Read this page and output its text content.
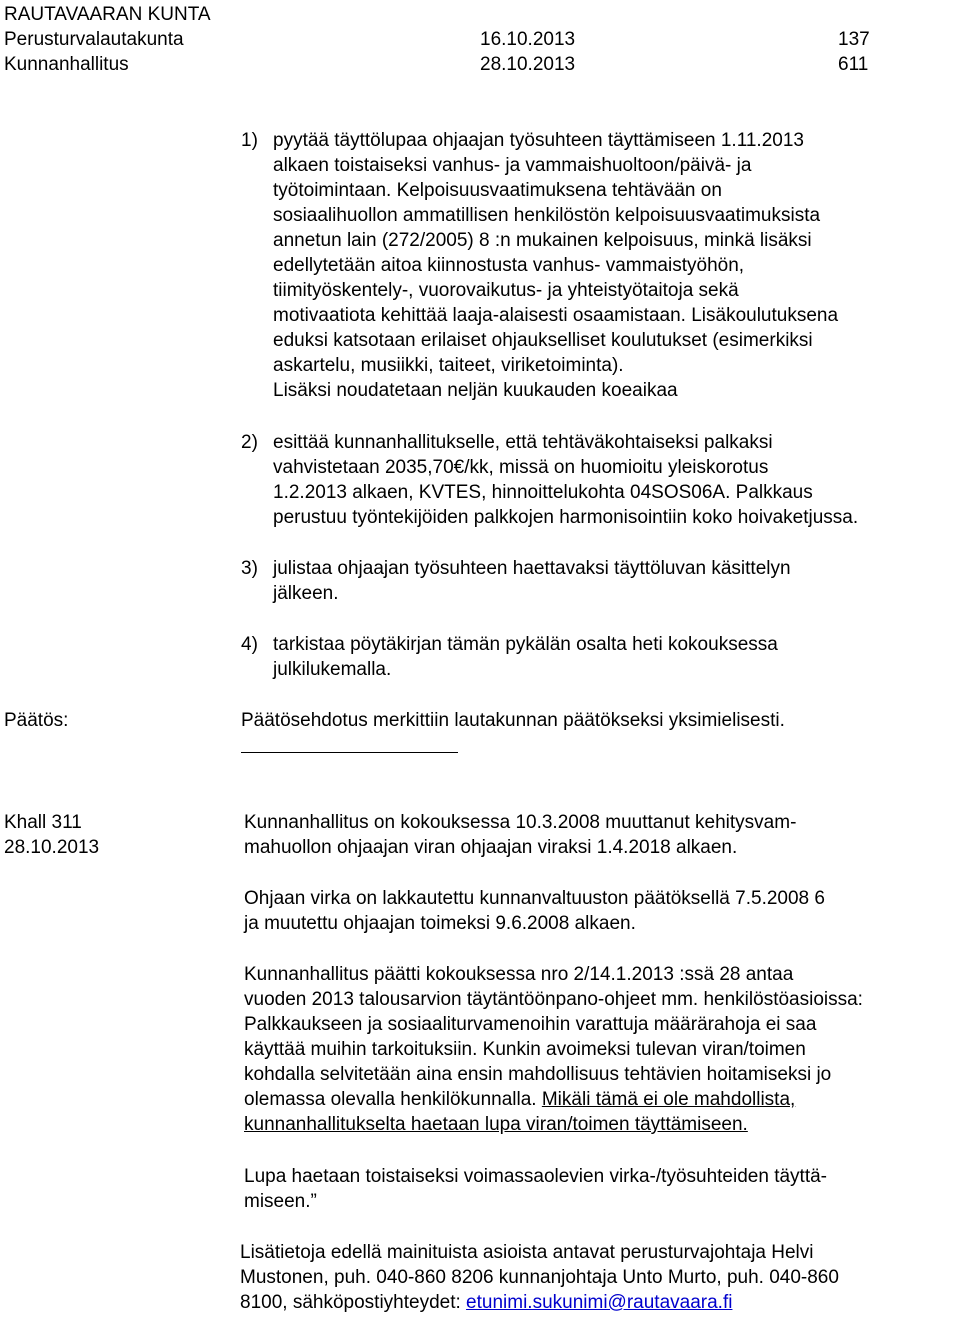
RAUTAVAARAN KUNTA
Perusturvalautakunta	16.10.2013	137
Kunnanhallitus	28.10.2013	611

1) pyytää täyttölupaa ohjaajan työsuhteen täyttämiseen 1.11.2013

alkaen toistaiseksi vanhus- ja vammaishuoltoon/päivä- ja

työtoimintaan. Kelpoisuusvaatimuksena tehtävään on

sosiaalihuollon ammatillisen henkilöstön kelpoisuusvaatimuksista

annetun lain (272/2005) 8 :n mukainen kelpoisuus, minkä lisäksi

edellytetään aitoa kiinnostusta vanhus- vammaistyöhön,

tiimityöskentely-, vuorovaikutus- ja yhteistyötaitoja sekä

motivaatiota kehittää laaja-alaisesti osaamistaan. Lisäkoulutuksena

eduksi katsotaan erilaiset ohjaukselliset koulutukset (esimerkiksi

askartelu, musiikki, taiteet, viriketoiminta).

Lisäksi noudatetaan neljän kuukauden koeaikaa

2) esittää kunnanhallitukselle, että tehtäväkohtaiseksi palkaksi

vahvistetaan 2035,70€/kk, missä on huomioitu yleiskorotus

1.2.2013 alkaen, KVTES, hinnoittelukohta 04SOS06A. Palkkaus

perustuu työntekijöiden palkkojen harmonisointiin koko hoivaketjussa.

3) julistaa ohjaajan työsuhteen haettavaksi täyttöluvan käsittelyn

jälkeen.

4) tarkistaa pöytäkirjan tämän pykälän osalta heti kokouksessa

julkilukemalla.

Päätös:	Päätösehdotus merkittiin lautakunnan päätökseksi yksimielisesti.
Khall 311
28.10.2013

Kunnanhallitus on kokouksessa 10.3.2008 muuttanut kehitysvam-

mahuollon ohjaajan viran ohjaajan viraksi 1.4.2018 alkaen.

Ohjaan virka on lakkautettu kunnanvaltuuston päätöksellä 7.5.2008 6

ja muutettu ohjaajan toimeksi 9.6.2008 alkaen.

Kunnanhallitus päätti kokouksessa nro 2/14.1.2013 :ssä 28 antaa

vuoden 2013 talousarvion täytäntöönpano-ohjeet mm. henkilöstöasioissa:

Palkkaukseen ja sosiaaliturvamenoihin varattuja määrärahoja ei saa

käyttää muihin tarkoituksiin. Kunkin avoimeksi tulevan viran/toimen

kohdalla selvitetään aina ensin mahdollisuus tehtävien hoitamiseksi jo

olemassa olevalla henkilökunnalla. Mikäli tämä ei ole mahdollista,

kunnanhallitukselta haetaan lupa viran/toimen täyttämiseen.

Lupa haetaan toistaiseksi voimassaolevien virka-/työsuhteiden täyttä-

miseen.”

Lisätietoja edellä mainituista asioista antavat perusturvajohtaja Helvi

Mustonen, puh. 040-860 8206 kunnanjohtaja Unto Murto, puh. 040-860

8100, sähköpostiyhteydet: etunimi.sukunimi@rautavaara.fi
